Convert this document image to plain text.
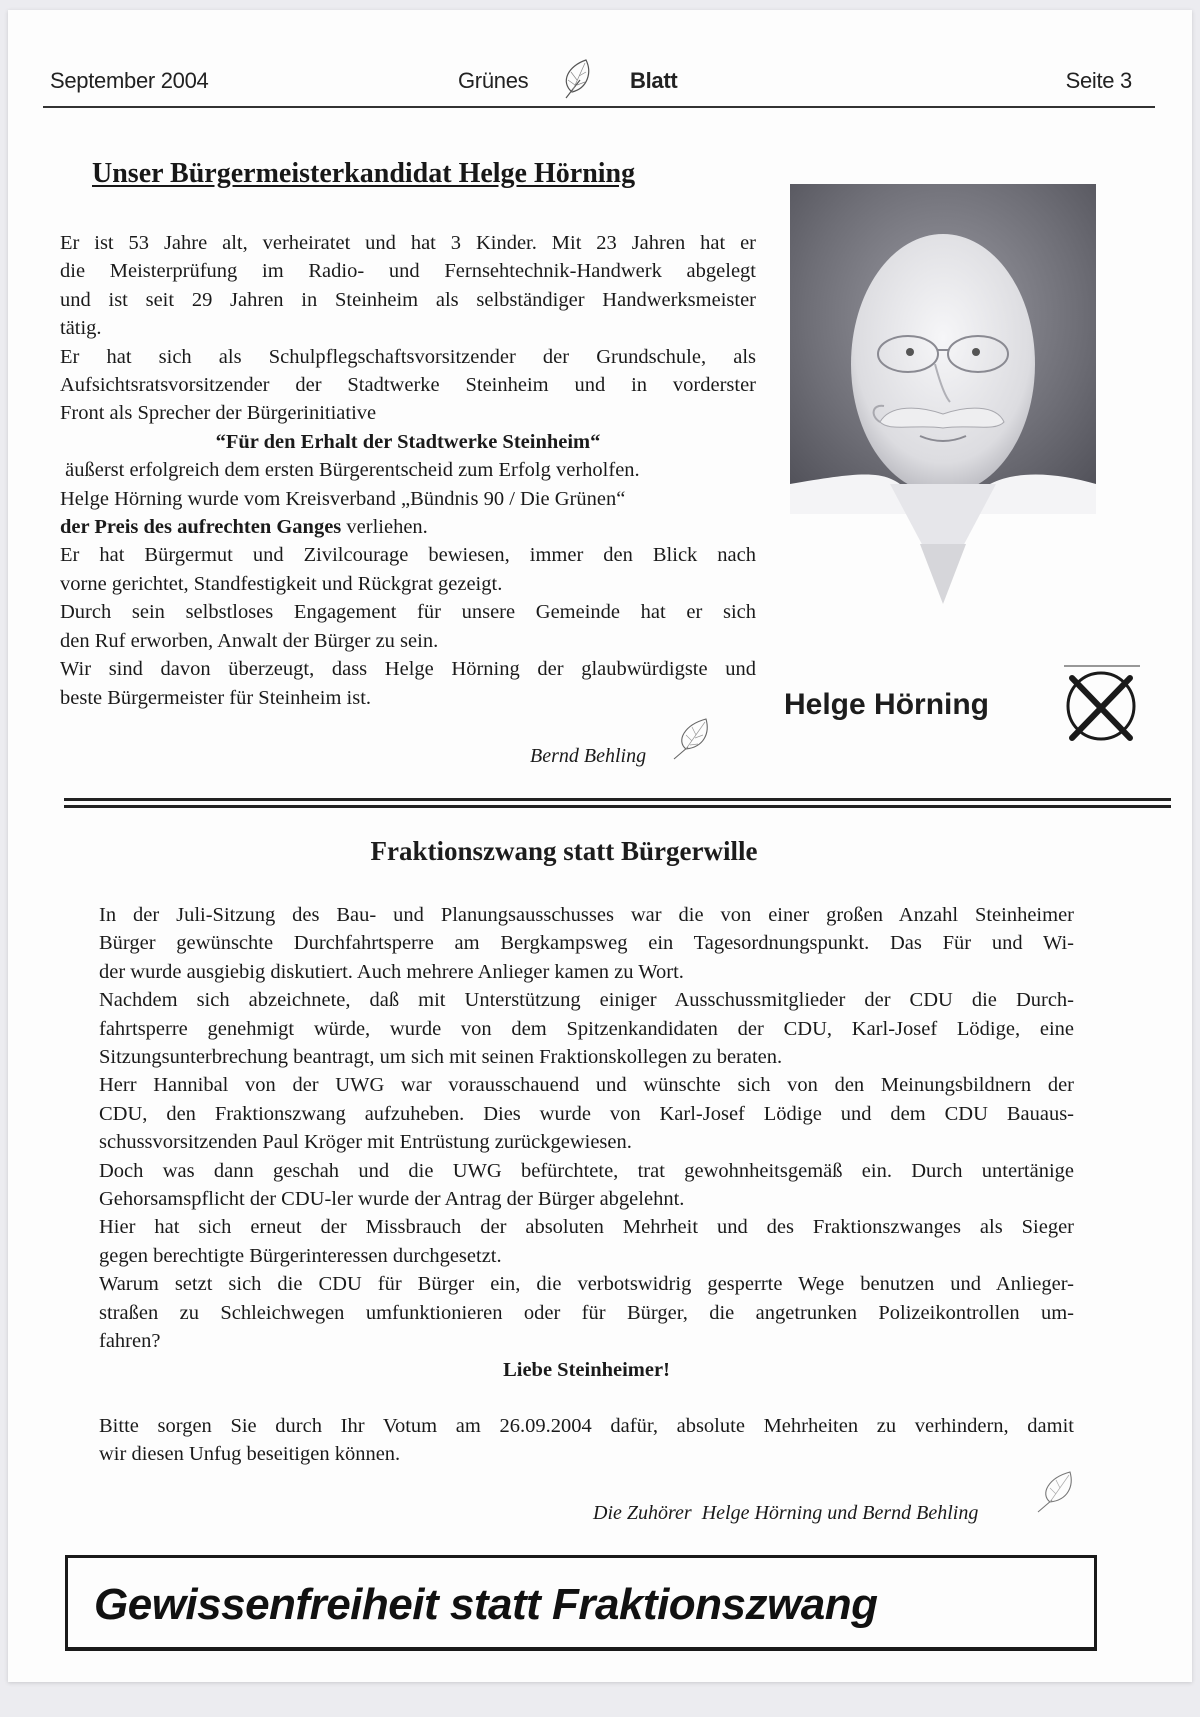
September 2004	Grünes	Blatt	Seite 3
Unser Bürgermeisterkandidat Helge Hörning

Er ist 53 Jahre alt, verheiratet und hat 3 Kinder. Mit 23 Jahren hat er

die Meisterprüfung im Radio- und Fernsehtechnik-Handwerk abgelegt

und ist seit 29 Jahren in Steinheim als selbständiger Handwerksmeister

tätig.

Er hat sich als Schulpflegschaftsvorsitzender der Grundschule, als

Aufsichtsratsvorsitzender der Stadtwerke Steinheim und in vorderster

Front als Sprecher der Bürgerinitiative

“Für den Erhalt der Stadtwerke Steinheim“

äußerst erfolgreich dem ersten Bürgerentscheid zum Erfolg verholfen.

Helge Hörning wurde vom Kreisverband „Bündnis 90 / Die Grünen“

der Preis des aufrechten Ganges verliehen.

Er hat Bürgermut und Zivilcourage bewiesen, immer den Blick nach

vorne gerichtet, Standfestigkeit und Rückgrat gezeigt.

Durch sein selbstloses Engagement für unsere Gemeinde hat er sich

den Ruf erworben, Anwalt der Bürger zu sein.

Wir sind davon überzeugt, dass Helge Hörning der glaubwürdigste und

beste Bürgermeister für Steinheim ist.

Bernd Behling
Helge Hörning
Fraktionszwang statt Bürgerwille

In der Juli-Sitzung des Bau- und Planungsausschusses war die von einer großen Anzahl Steinheimer

Bürger gewünschte Durchfahrtsperre am Bergkampsweg ein Tagesordnungspunkt. Das Für und Wi-

der wurde ausgiebig diskutiert. Auch mehrere Anlieger kamen zu Wort.

Nachdem sich abzeichnete, daß mit Unterstützung einiger Ausschussmitglieder der CDU die Durch-

fahrtsperre genehmigt würde, wurde von dem Spitzenkandidaten der CDU, Karl-Josef Lödige, eine

Sitzungsunterbrechung beantragt, um sich mit seinen Fraktionskollegen zu beraten.

Herr Hannibal von der UWG war vorausschauend und wünschte sich von den Meinungsbildnern der

CDU, den Fraktionszwang aufzuheben. Dies wurde von Karl-Josef Lödige und dem CDU Bauaus-

schussvorsitzenden Paul Kröger mit Entrüstung zurückgewiesen.

Doch was dann geschah und die UWG befürchtete, trat gewohnheitsgemäß ein. Durch untertänige

Gehorsamspflicht der CDU-ler wurde der Antrag der Bürger abgelehnt.

Hier hat sich erneut der Missbrauch der absoluten Mehrheit und des Fraktionszwanges als Sieger

gegen berechtigte Bürgerinteressen durchgesetzt.

Warum setzt sich die CDU für Bürger ein, die verbotswidrig gesperrte Wege benutzen und Anlieger-

straßen zu Schleichwegen umfunktionieren oder für Bürger, die angetrunken Polizeikontrollen um-

fahren?

Liebe Steinheimer!

Bitte sorgen Sie durch Ihr Votum am 26.09.2004 dafür, absolute Mehrheiten zu verhindern, damit

wir diesen Unfug beseitigen können.

Die Zuhörer  Helge Hörning und Bernd Behling
Gewissenfreiheit statt Fraktionszwang
